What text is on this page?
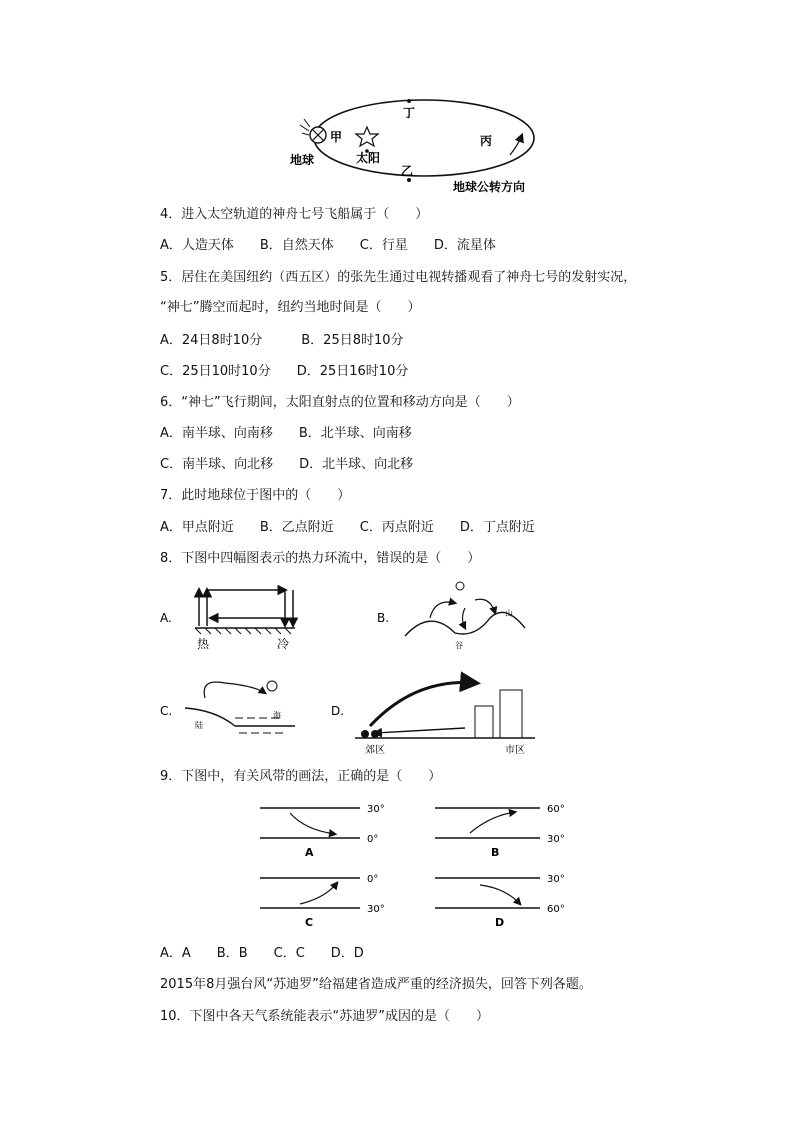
丁
甲
太阳
地球
丙
乙
地球公转方向
4．进入太空轨道的神舟七号飞船属于（　　）
A．人造天体　　B．自然天体　　C．行星　　D．流星体
5．居住在美国纽约（西五区）的张先生通过电视转播观看了神舟七号的发射实况，
“神七”腾空而起时，纽约当地时间是（　　）
A．24日8时10分　　　B．25日8时10分
C．25日10时10分　　D．25日16时10分
6．“神七”飞行期间，太阳直射点的位置和移动方向是（　　）
A．南半球、向南移　　B．北半球、向南移
C．南半球、向北移　　D．北半球、向北移
7．此时地球位于图中的（　　）
A．甲点附近　　B．乙点附近　　C．丙点附近　　D．丁点附近
8．下图中四幅图表示的热力环流中，错误的是（　　）
A.
热	冷
B.	山
谷
C.
陆
海	D.
郊区	市区
9．下图中，有关风带的画法，正确的是（　　）
30°
0°
A
60°
30°
B
0°
30°
C
30°
60°
D
A．A　　B．B　　C．C　　D．D
2015年8月强台风“苏迪罗”给福建省造成严重的经济损失，回答下列各题。
10．下图中各天气系统能表示“苏迪罗”成因的是（　　）
